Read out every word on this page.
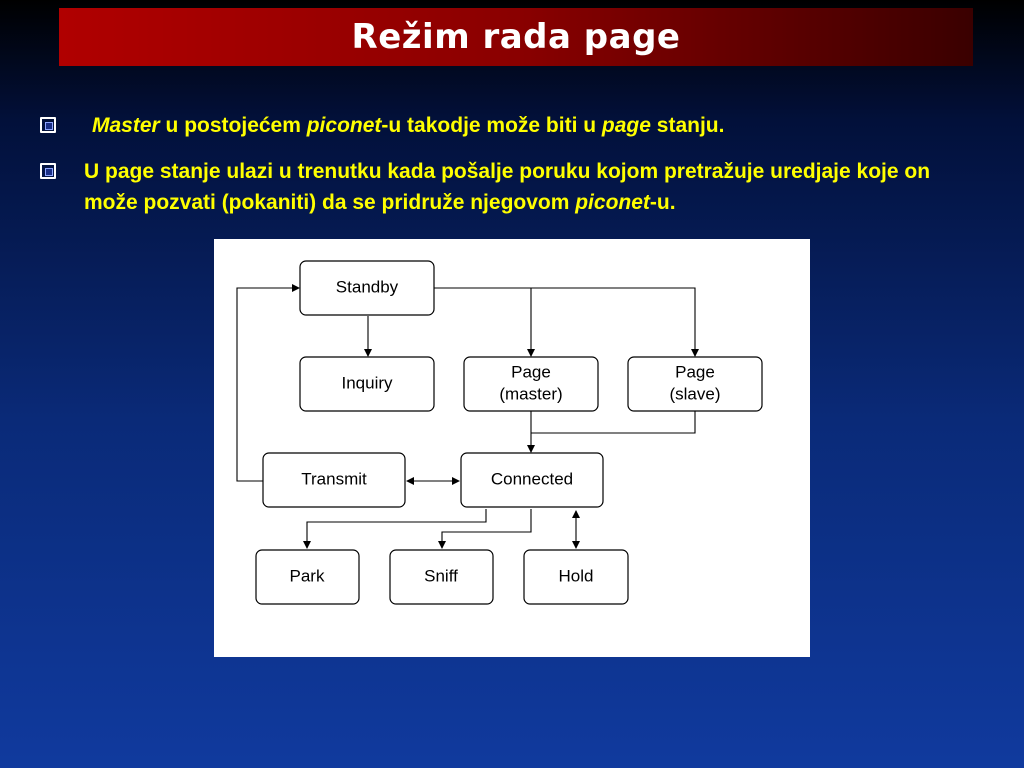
Režim rada page
Master u postojećem piconet-u takodje može biti u page stanju.
U page stanje ulazi u trenutku kada pošalje poruku kojom pretražuje uredjaje koje on može pozvati (pokaniti) da se pridruže njegovom piconet-u.
Standby
Inquiry
Page
(master)
Page
(slave)
Transmit	Connected
Park	Sniff	Hold
